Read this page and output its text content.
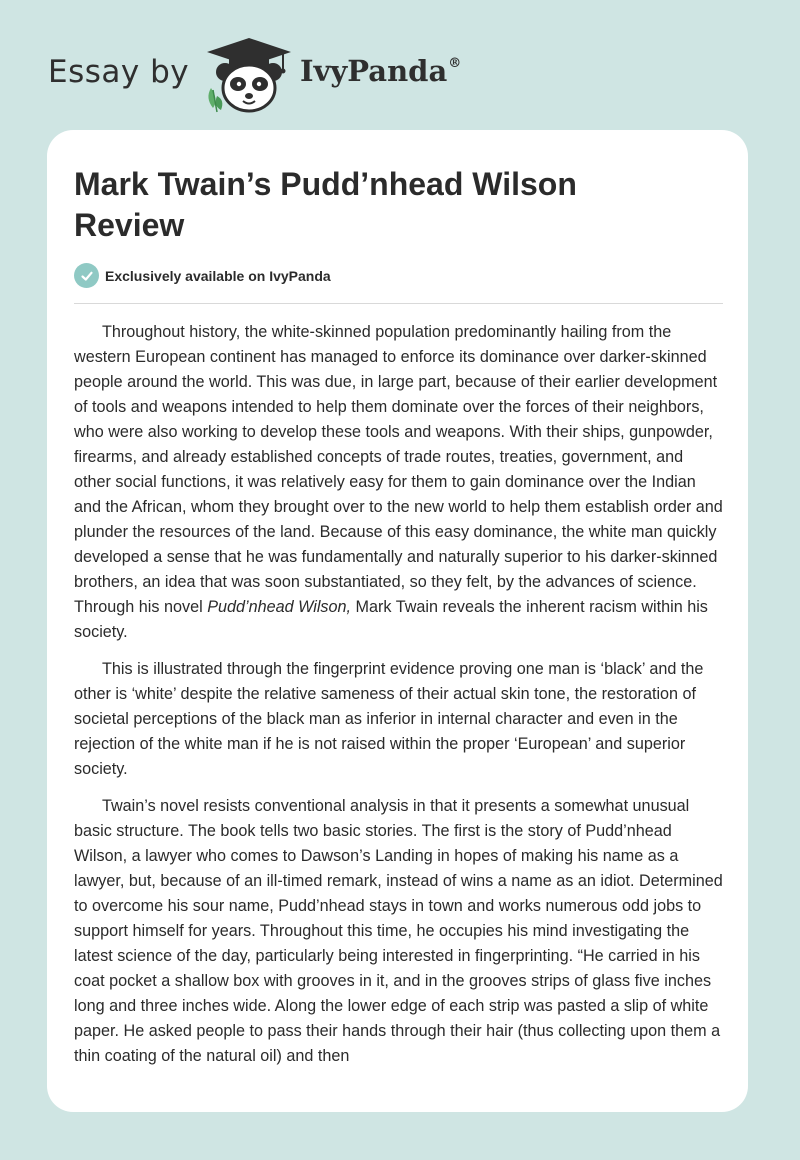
Essay by	IvyPanda®
Mark Twain’s Pudd’nhead Wilson Review
Exclusively available on IvyPanda

Throughout history, the white-skinned population predominantly hailing from the western European continent has managed to enforce its dominance over darker-skinned people around the world. This was due, in large part, because of their earlier development of tools and weapons intended to help them dominate over the forces of their neighbors, who were also working to develop these tools and weapons. With their ships, gunpowder, firearms, and already established concepts of trade routes, treaties, government, and other social functions, it was relatively easy for them to gain dominance over the Indian and the African, whom they brought over to the new world to help them establish order and plunder the resources of the land. Because of this easy dominance, the white man quickly developed a sense that he was fundamentally and naturally superior to his darker-skinned brothers, an idea that was soon substantiated, so they felt, by the advances of science. Through his novel Pudd’nhead Wilson, Mark Twain reveals the inherent racism within his society.

This is illustrated through the fingerprint evidence proving one man is ‘black’ and the other is ‘white’ despite the relative sameness of their actual skin tone, the restoration of societal perceptions of the black man as inferior in internal character and even in the rejection of the white man if he is not raised within the proper ‘European’ and superior society.

Twain’s novel resists conventional analysis in that it presents a somewhat unusual basic structure. The book tells two basic stories. The first is the story of Pudd’nhead Wilson, a lawyer who comes to Dawson’s Landing in hopes of making his name as a lawyer, but, because of an ill-timed remark, instead of wins a name as an idiot. Determined to overcome his sour name, Pudd’nhead stays in town and works numerous odd jobs to support himself for years. Throughout this time, he occupies his mind investigating the latest science of the day, particularly being interested in fingerprinting. “He carried in his coat pocket a shallow box with grooves in it, and in the grooves strips of glass five inches long and three inches wide. Along the lower edge of each strip was pasted a slip of white paper. He asked people to pass their hands through their hair (thus collecting upon them a thin coating of the natural oil) and then
